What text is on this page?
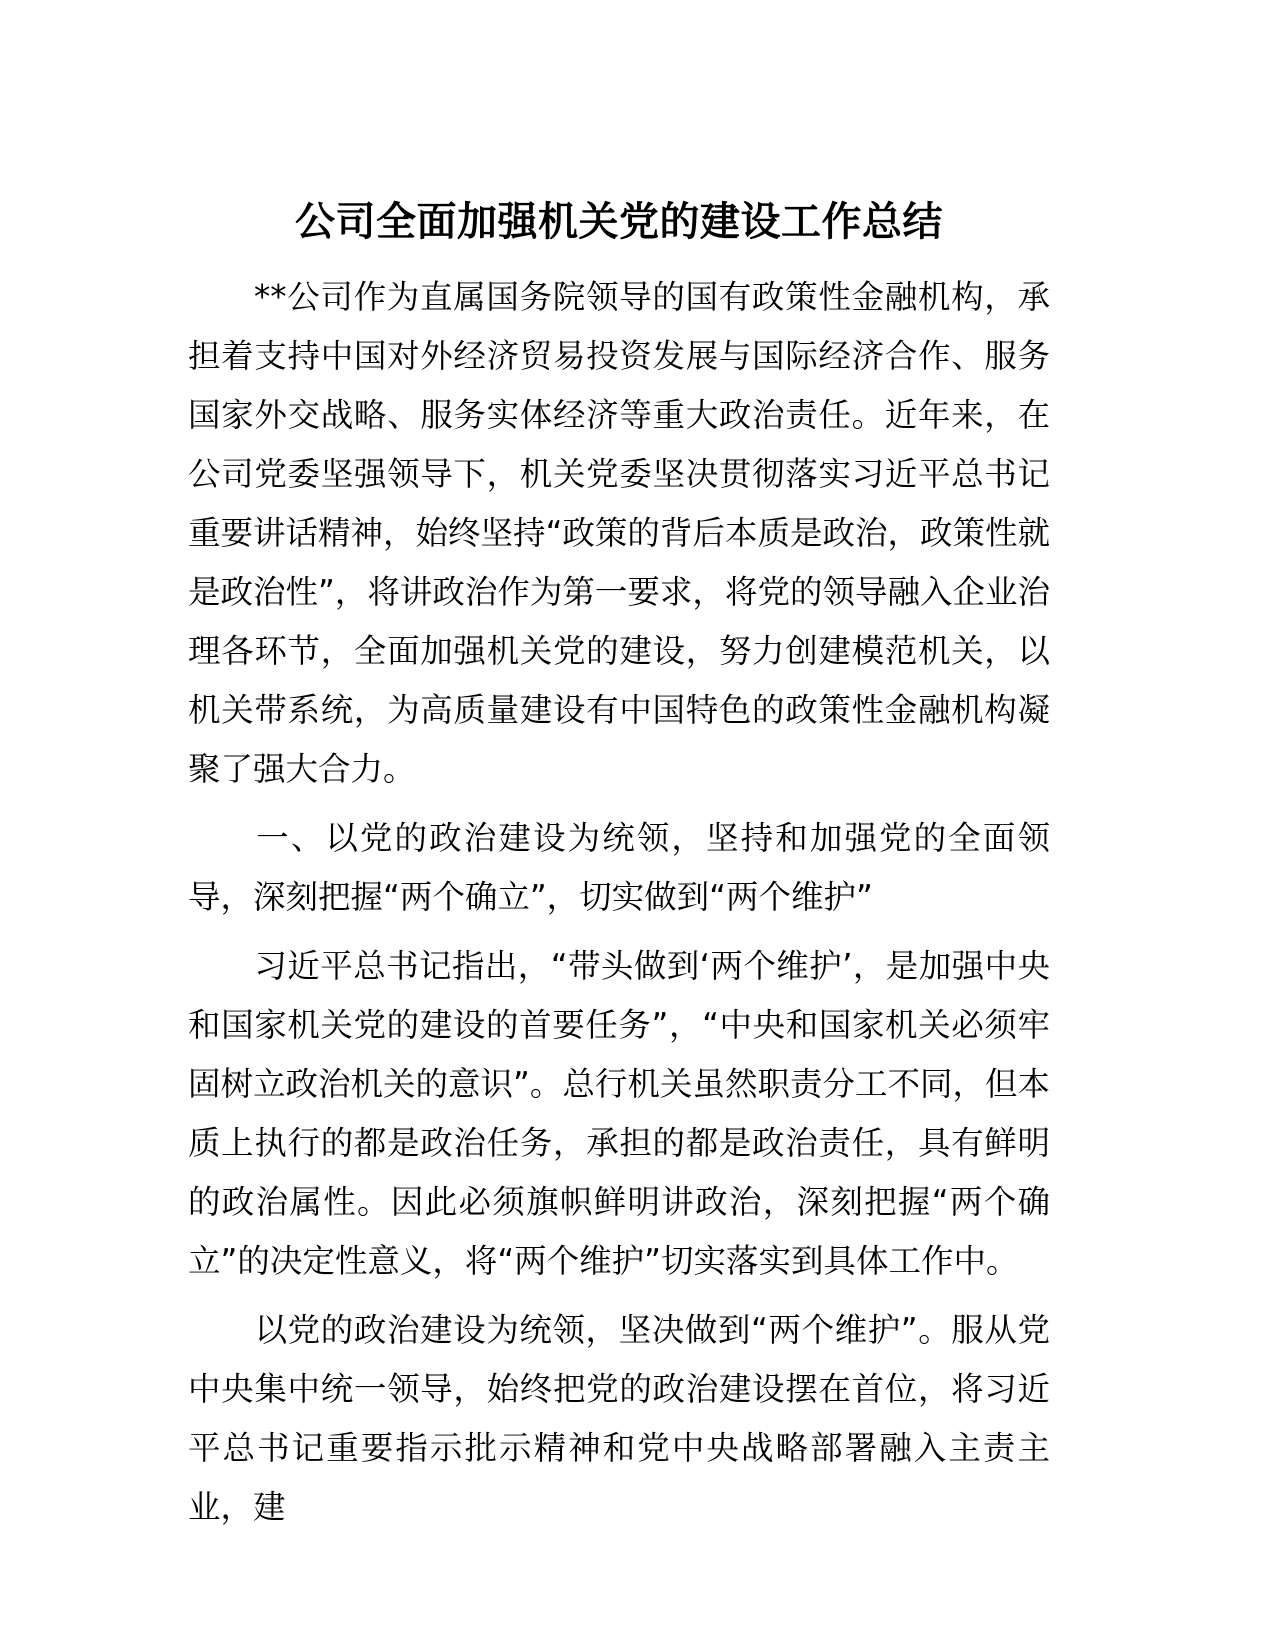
公司全面加强机关党的建设工作总结

**公司作为直属国务院领导的国有政策性金融机构，承担着支持中国对外经济贸易投资发展与国际经济合作、服务国家外交战略、服务实体经济等重大政治责任。近年来，在公司党委坚强领导下，机关党委坚决贯彻落实习近平总书记重要讲话精神，始终坚持“政策的背后本质是政治，政策性就是政治性”，将讲政治作为第一要求，将党的领导融入企业治理各环节，全面加强机关党的建设，努力创建模范机关，以机关带系统，为高质量建设有中国特色的政策性金融机构凝聚了强大合力。

一、以党的政治建设为统领，坚持和加强党的全面领导，深刻把握“两个确立”，切实做到“两个维护”

习近平总书记指出，“带头做到‘两个维护’，是加强中央和国家机关党的建设的首要任务”，“中央和国家机关必须牢固树立政治机关的意识”。总行机关虽然职责分工不同，但本质上执行的都是政治任务，承担的都是政治责任，具有鲜明的政治属性。因此必须旗帜鲜明讲政治，深刻把握“两个确立”的决定性意义，将“两个维护”切实落实到具体工作中。

以党的政治建设为统领，坚决做到“两个维护”。服从党中央集中统一领导，始终把党的政治建设摆在首位，将习近平总书记重要指示批示精神和党中央战略部署融入主责主业，建
